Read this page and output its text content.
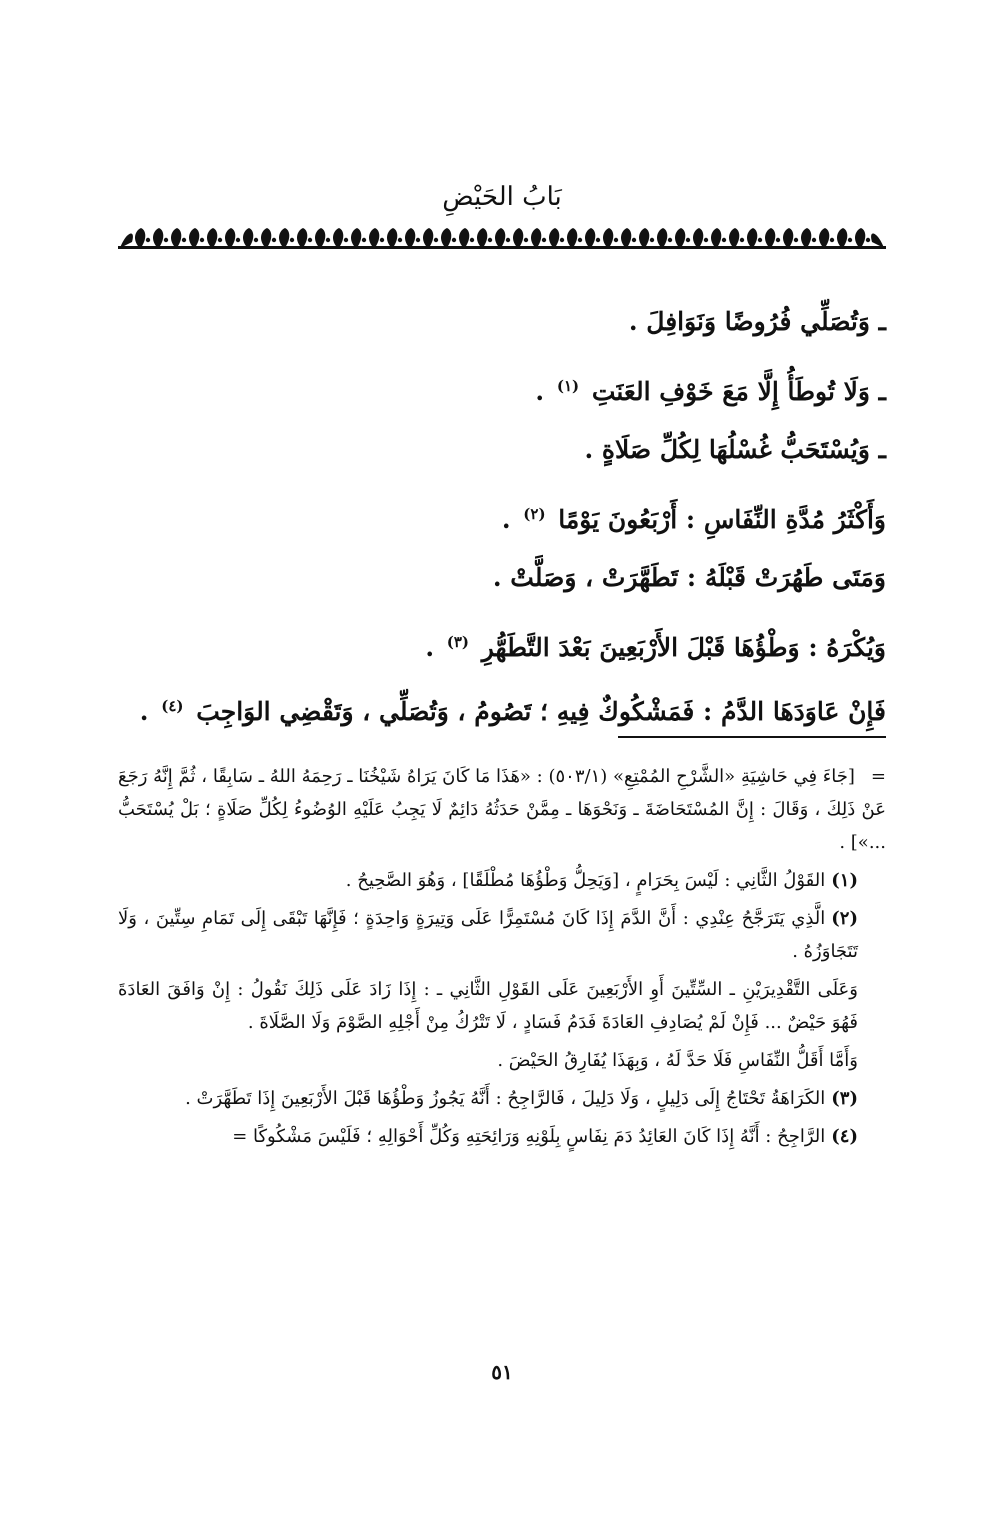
بَابُ الحَيْضِ
ـ وَتُصَلِّي فُرُوضًا وَنَوَافِلَ .
ـ وَلَا تُوطَأُ إِلَّا مَعَ خَوْفِ العَنَتِ $^{(١)}$ .
ـ وَيُسْتَحَبُّ غُسْلُهَا لِكُلِّ صَلَاةٍ .
وَأَكْثَرُ مُدَّةِ النِّفَاسِ : أَرْبَعُونَ يَوْمًا $^{(٢)}$ .
وَمَتَى طَهُرَتْ قَبْلَهُ : تَطَهَّرَتْ ، وَصَلَّتْ .
وَيُكْرَهُ : وَطْؤُهَا قَبْلَ الأَرْبَعِينَ بَعْدَ التَّطَهُّرِ $^{(٣)}$ .
فَإِنْ عَاوَدَهَا الدَّمُ : فَمَشْكُوكٌ فِيهِ ؛ تَصُومُ ، وَتُصَلِّي ، وَتَقْضِي الوَاجِبَ $^{(٤)}$ .

=[جَاءَ فِي حَاشِيَةِ «الشَّرْحِ المُمْتِعِ» (٥٠٣/١) : «هَذَا مَا كَانَ يَرَاهُ شَيْخُنَا ـ رَحِمَهُ اللهُ ـ سَابِقًا ، ثُمَّ إِنَّهُ رَجَعَ عَنْ ذَلِكَ ، وَقَالَ : إِنَّ المُسْتَحَاضَةَ ـ وَنَحْوَهَا ـ مِمَّنْ حَدَثُهُ دَائِمٌ لَا يَجِبُ عَلَيْهِ الوُضُوءُ لِكُلِّ صَلَاةٍ ؛ بَلْ يُسْتَحَبُّ ...»] .

(١)القَوْلُ الثَّانِي : لَيْسَ بِحَرَامٍ ، [وَيَحِلُّ وَطْؤُهَا مُطْلَقًا] ، وَهُوَ الصَّحِيحُ .

(٢)الَّذِي يَتَرَجَّحُ عِنْدِي : أَنَّ الدَّمَ إِذَا كَانَ مُسْتَمِرًّا عَلَى وَتِيرَةٍ وَاحِدَةٍ ؛ فَإِنَّهَا تَبْقَى إِلَى تَمَامِ سِتِّينَ ، وَلَا تَتَجَاوَزُهُ .

وَعَلَى التَّقْدِيرَيْنِ ـ السِّتِّينَ أَوِ الأَرْبَعِينَ عَلَى القَوْلِ الثَّانِي ـ : إِذَا زَادَ عَلَى ذَلِكَ نَقُولُ : إِنْ وَافَقَ العَادَةَ فَهُوَ حَيْضٌ ... فَإِنْ لَمْ يُصَادِفِ العَادَةَ فَدَمُ فَسَادٍ ، لَا تَتْرُكُ مِنْ أَجْلِهِ الصَّوْمَ وَلَا الصَّلَاةَ .

وَأَمَّا أَقَلُّ النِّفَاسِ فَلَا حَدَّ لَهُ ، وَبِهَذَا يُفَارِقُ الحَيْضَ .

(٣)الكَرَاهَةُ تَحْتَاجُ إِلَى دَلِيلٍ ، وَلَا دَلِيلَ ، فَالرَّاجِحُ : أَنَّهُ يَجُوزُ وَطْؤُهَا قَبْلَ الأَرْبَعِينَ إِذَا تَطَهَّرَتْ .

(٤)الرَّاجِحُ : أَنَّهُ إِذَا كَانَ العَائِدُ دَمَ نِفَاسٍ بِلَوْنِهِ وَرَائِحَتِهِ وَكُلِّ أَحْوَالِهِ ؛ فَلَيْسَ مَشْكُوكًا =

٥١
